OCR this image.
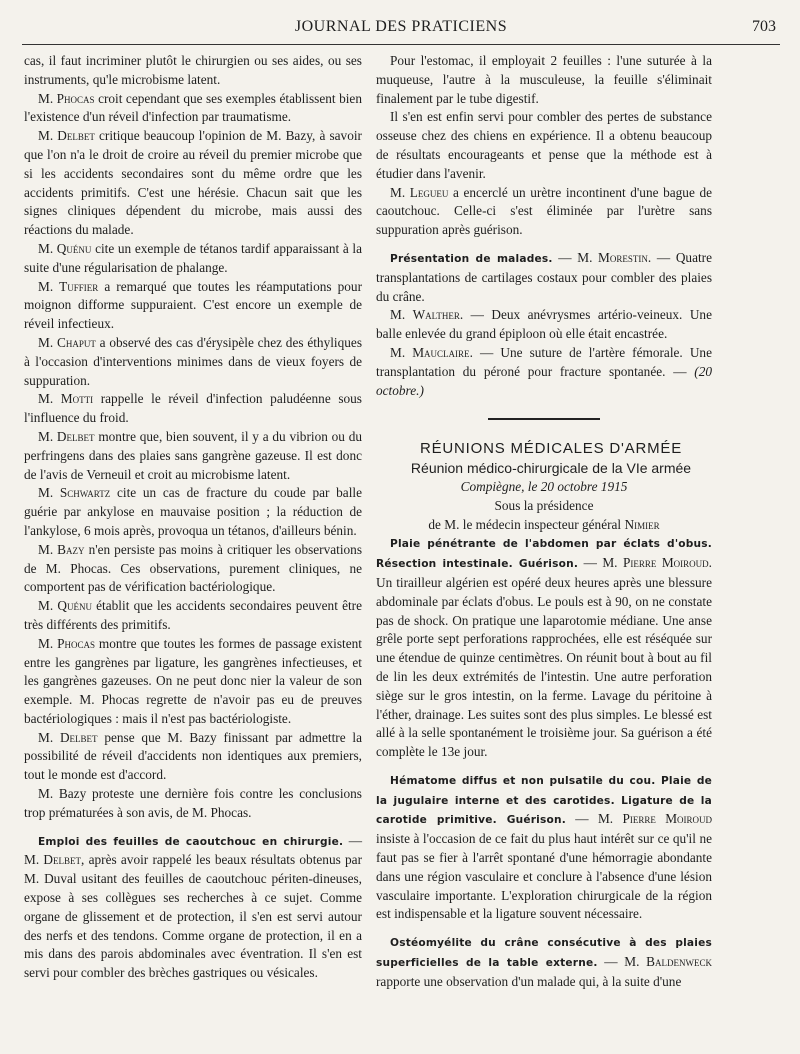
JOURNAL DES PRATICIENS	703

cas, il faut incriminer plutôt le chirurgien ou ses aides, ou ses instruments, qu'le microbisme latent.

M. Phocas croit cependant que ses exemples établissent bien l'existence d'un réveil d'infection par traumatisme.

M. Delbet critique beaucoup l'opinion de M. Bazy, à savoir que l'on n'a le droit de croire au réveil du premier microbe que si les accidents secondaires sont du même ordre que les accidents primitifs. C'est une hérésie. Chacun sait que les signes cliniques dépendent du microbe, mais aussi des réactions du malade.

M. Quénu cite un exemple de tétanos tardif apparaissant à la suite d'une régularisation de phalange.

M. Tuffier a remarqué que toutes les réamputations pour moignon difforme suppuraient. C'est encore un exemple de réveil infectieux.

M. Chaput a observé des cas d'érysipèle chez des éthyliques à l'occasion d'interventions minimes dans de vieux foyers de suppuration.

M. Motti rappelle le réveil d'infection paludéenne sous l'influence du froid.

M. Delbet montre que, bien souvent, il y a du vibrion ou du perfringens dans des plaies sans gangrène gazeuse. Il est donc de l'avis de Verneuil et croit au microbisme latent.

M. Schwartz cite un cas de fracture du coude par balle guérie par ankylose en mauvaise position ; la réduction de l'ankylose, 6 mois après, provoqua un tétanos, d'ailleurs bénin.

M. Bazy n'en persiste pas moins à critiquer les observations de M. Phocas. Ces observations, purement cliniques, ne comportent pas de vérification bactériologique.

M. Quénu établit que les accidents secondaires peuvent être très différents des primitifs.

M. Phocas montre que toutes les formes de passage existent entre les gangrènes par ligature, les gangrènes infectieuses, et les gangrènes gazeuses. On ne peut donc nier la valeur de son exemple. M. Phocas regrette de n'avoir pas eu de preuves bactériologiques : mais il n'est pas bactériologiste.

M. Delbet pense que M. Bazy finissant par admettre la possibilité de réveil d'accidents non identiques aux premiers, tout le monde est d'accord.

M. Bazy proteste une dernière fois contre les conclusions trop prématurées à son avis, de M. Phocas.

Emploi des feuilles de caoutchouc en chirurgie. — M. Delbet, après avoir rappelé les beaux résultats obtenus par M. Duval usitant des feuilles de caoutchouc périten-dineuses, expose à ses collègues ses recherches à ce sujet. Comme organe de glissement et de protection, il s'en est servi autour des nerfs et des tendons. Comme organe de protection, il en a mis dans des parois abdominales avec éventration. Il s'en est servi pour combler des brèches gastriques ou vésicales.

Pour l'estomac, il employait 2 feuilles : l'une suturée à la muqueuse, l'autre à la musculeuse, la feuille s'éliminait finalement par le tube digestif.

Il s'en est enfin servi pour combler des pertes de substance osseuse chez des chiens en expérience. Il a obtenu beaucoup de résultats encourageants et pense que la méthode est à étudier dans l'avenir.

M. Legueu a encerclé un urètre incontinent d'une bague de caoutchouc. Celle-ci s'est éliminée par l'urètre sans suppuration après guérison.

Présentation de malades. — M. Morestin. — Quatre transplantations de cartilages costaux pour combler des plaies du crâne.

M. Walther. — Deux anévrysmes artério-veineux. Une balle enlevée du grand épiploon où elle était encastrée.

M. Mauclaire. — Une suture de l'artère fémorale. Une transplantation du péroné pour fracture spontanée. — (20 octobre.)

RÉUNIONS MÉDICALES D'ARMÉE

Réunion médico-chirurgicale de la VIe armée

Compiègne, le 20 octobre 1915

Sous la présidence

de M. le médecin inspecteur général Nimier

Plaie pénétrante de l'abdomen par éclats d'obus. Résection intestinale. Guérison. — M. Pierre Moiroud. Un tirailleur algérien est opéré deux heures après une blessure abdominale par éclats d'obus. Le pouls est à 90, on ne constate pas de shock. On pratique une laparotomie médiane. Une anse grêle porte sept perforations rapprochées, elle est réséquée sur une étendue de quinze centimètres. On réunit bout à bout au fil de lin les deux extrémités de l'intestin. Une autre perforation siège sur le gros intestin, on la ferme. Lavage du péritoine à l'éther, drainage. Les suites sont des plus simples. Le blessé est allé à la selle spontanément le troisième jour. Sa guérison a été complète le 13e jour.

Hématome diffus et non pulsatile du cou. Plaie de la jugulaire interne et des carotides. Ligature de la carotide primitive. Guérison. — M. Pierre Moiroud insiste à l'occasion de ce fait du plus haut intérêt sur ce qu'il ne faut pas se fier à l'arrêt spontané d'une hémorragie abondante dans une région vasculaire et conclure à l'absence d'une lésion vasculaire importante. L'exploration chirurgicale de la région est indispensable et la ligature souvent nécessaire.

Ostéomyélite du crâne consécutive à des plaies superficielles de la table externe. — M. Baldenweck rapporte une observation d'un malade qui, à la suite d'une
